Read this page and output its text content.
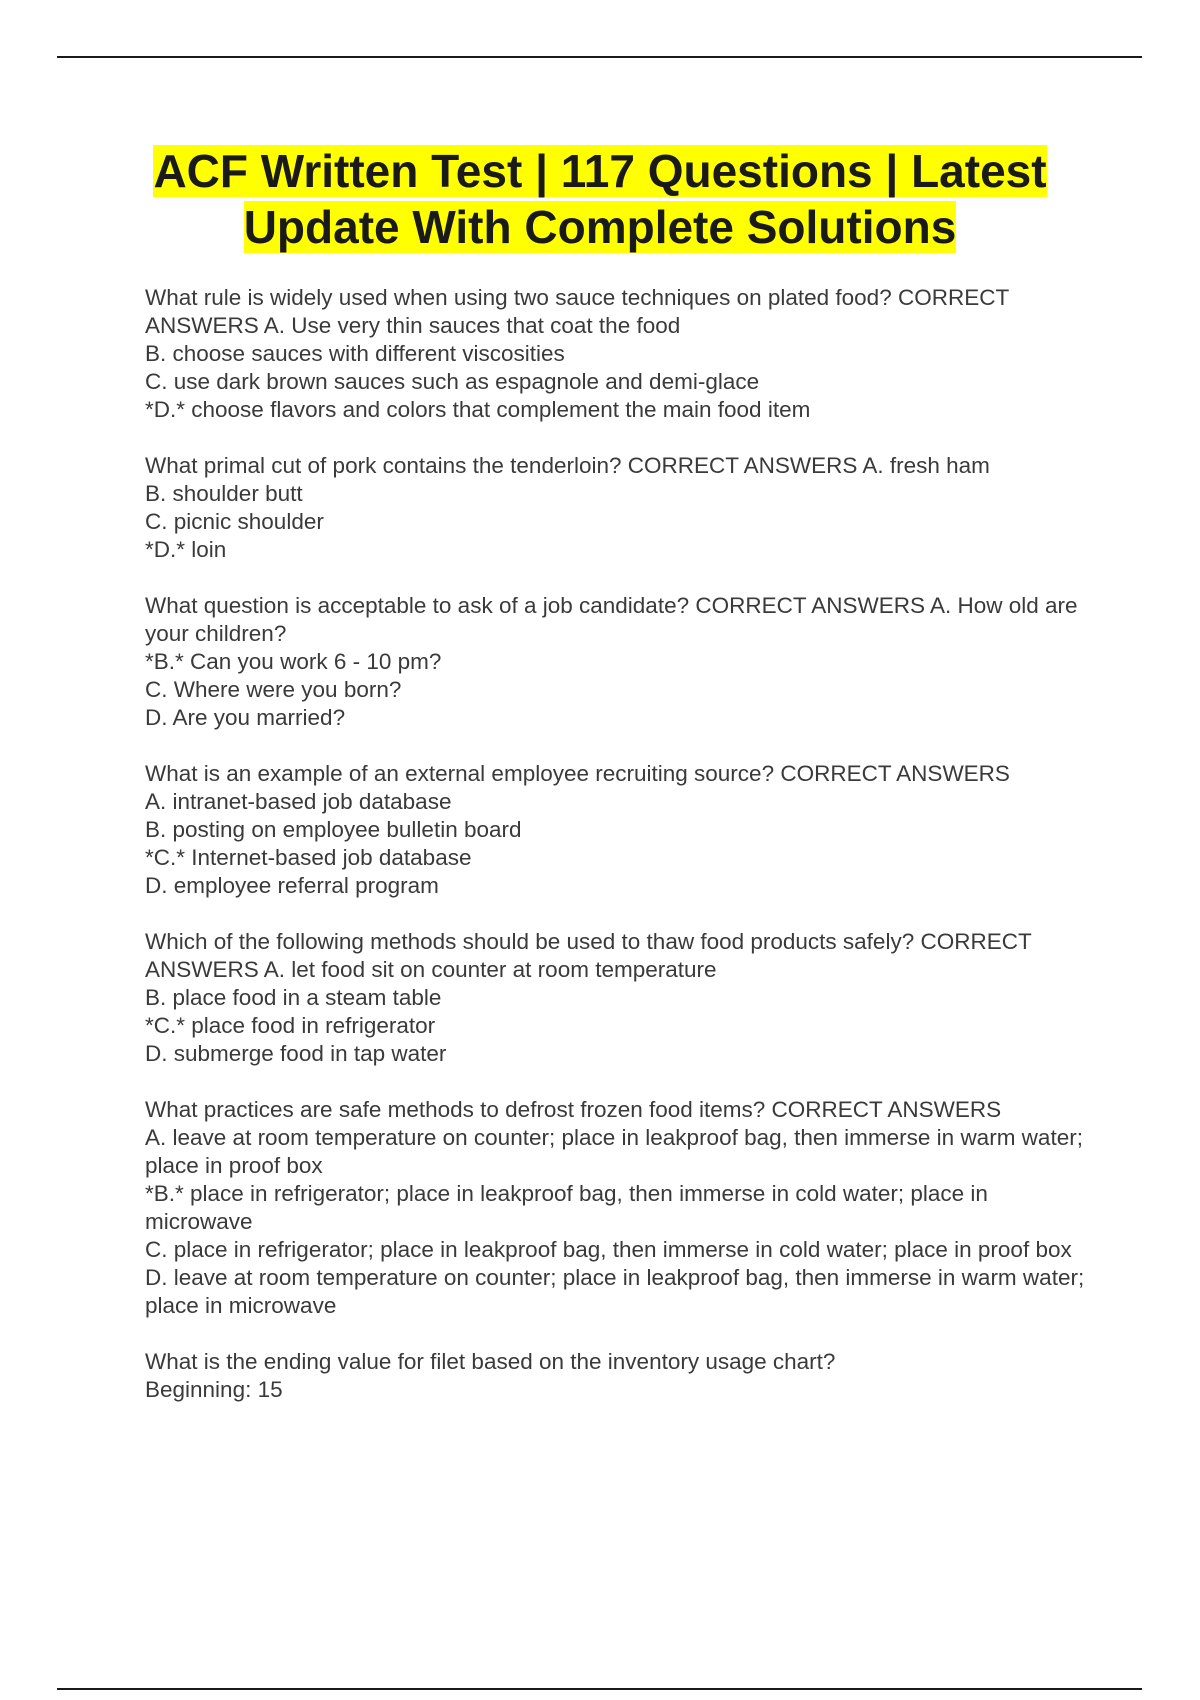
ACF Written Test | 117 Questions | Latest Update With Complete Solutions

What rule is widely used when using two sauce techniques on plated food? CORRECT ANSWERS A. Use very thin sauces that coat the food

B. choose sauces with different viscosities

C. use dark brown sauces such as espagnole and demi-glace

*D.* choose flavors and colors that complement the main food item

What primal cut of pork contains the tenderloin? CORRECT ANSWERS A. fresh ham

B. shoulder butt

C. picnic shoulder

*D.* loin

What question is acceptable to ask of a job candidate? CORRECT ANSWERS A. How old are your children?

*B.* Can you work 6 - 10 pm?

C. Where were you born?

D. Are you married?

What is an example of an external employee recruiting source? CORRECT ANSWERS

A. intranet-based job database

B. posting on employee bulletin board

*C.* Internet-based job database

D. employee referral program

Which of the following methods should be used to thaw food products safely? CORRECT ANSWERS A. let food sit on counter at room temperature

B. place food in a steam table

*C.* place food in refrigerator

D. submerge food in tap water

What practices are safe methods to defrost frozen food items? CORRECT ANSWERS

A. leave at room temperature on counter; place in leakproof bag, then immerse in warm water; place in proof box

*B.* place in refrigerator; place in leakproof bag, then immerse in cold water; place in microwave

C. place in refrigerator; place in leakproof bag, then immerse in cold water; place in proof box

D. leave at room temperature on counter; place in leakproof bag, then immerse in warm water; place in microwave

What is the ending value for filet based on the inventory usage chart?

Beginning: 15
